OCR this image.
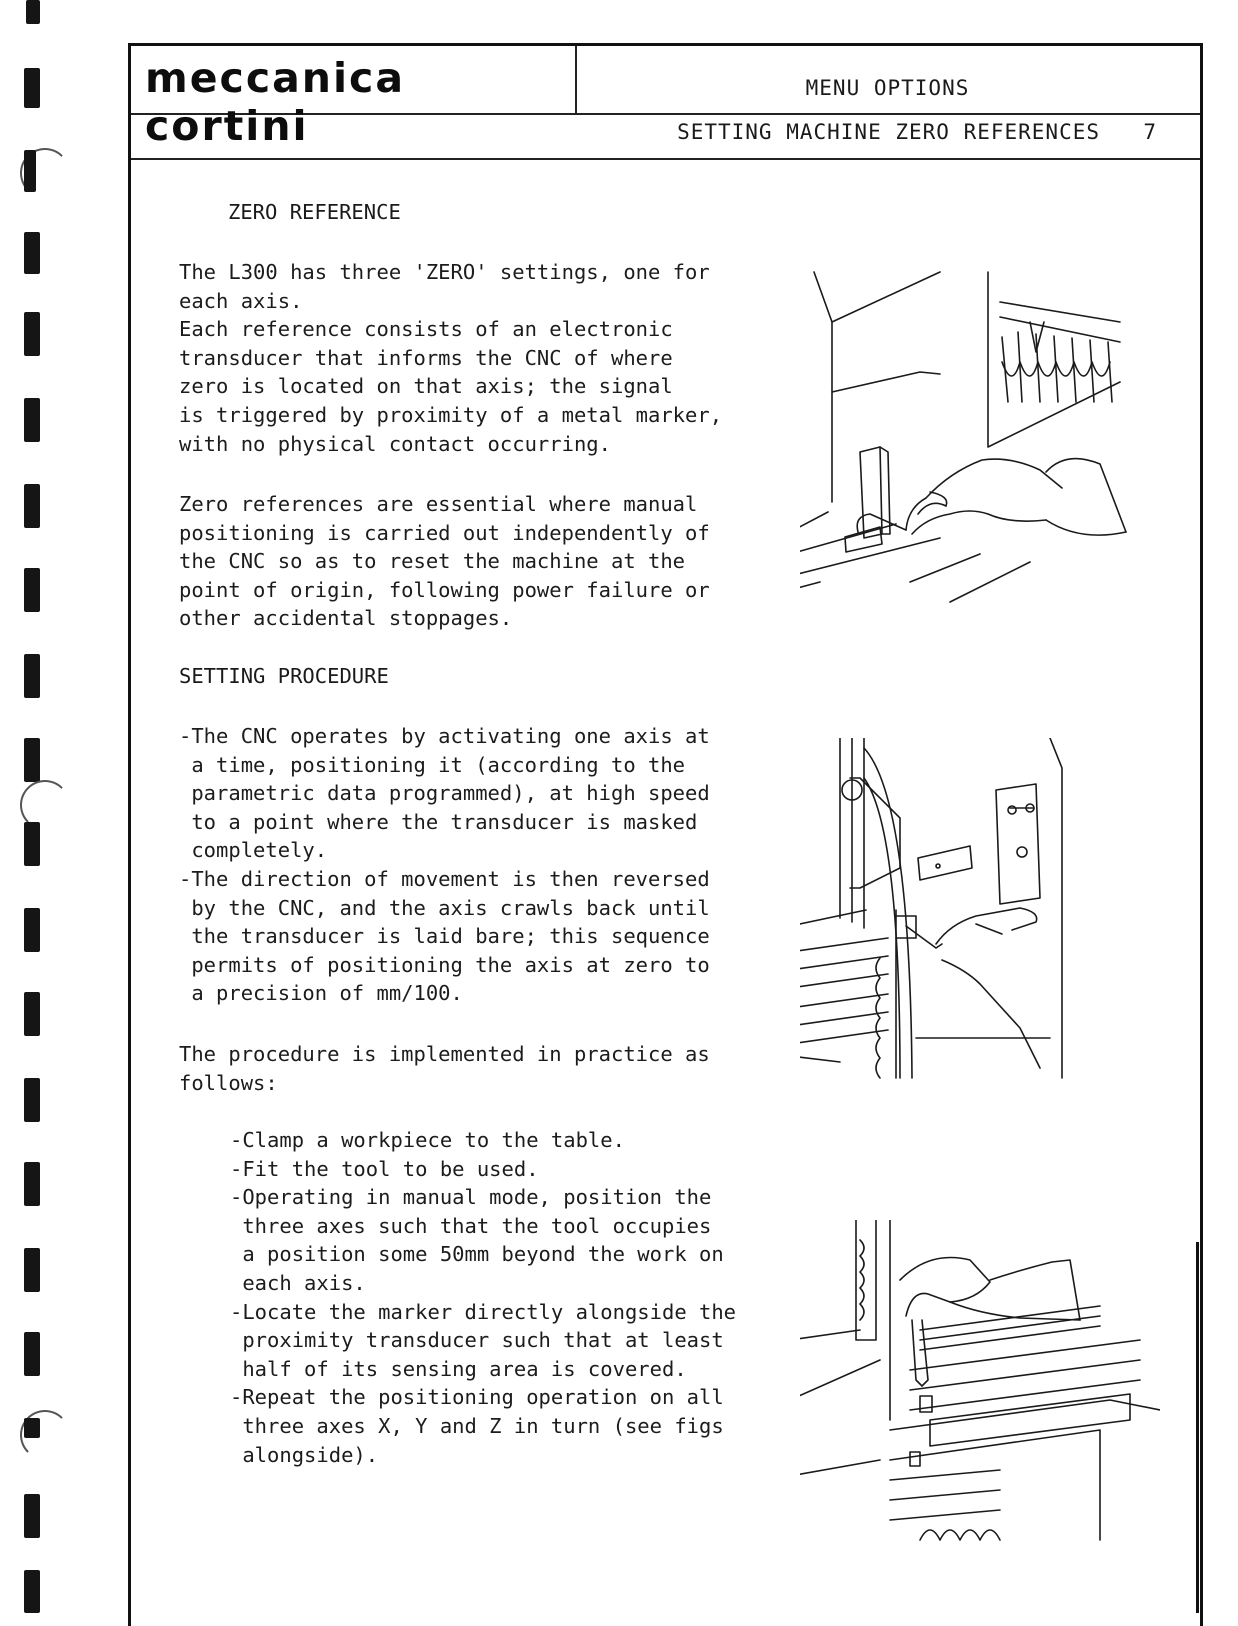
meccanica cortini
MENU OPTIONS
SETTING MACHINE ZERO REFERENCES 7
ZERO REFERENCE
The L300 has three 'ZERO' settings, one for
each axis.
Each reference consists of an electronic
transducer that informs the CNC of where
zero is located on that axis; the signal
is triggered by proximity of a metal marker,
with no physical contact occurring.
Zero references are essential where manual
positioning is carried out independently of
the CNC so as to reset the machine at the
point of origin, following power failure or
other accidental stoppages.
SETTING PROCEDURE
-The CNC operates by activating one axis at
a time, positioning it (according to the
parametric data programmed), at high speed
to a point where the transducer is masked
completely.
-The direction of movement is then reversed
by the CNC, and the axis crawls back until
the transducer is laid bare; this sequence
permits of positioning the axis at zero to
a precision of mm/100.
The procedure is implemented in practice as
follows:
-Clamp a workpiece to the table.
-Fit the tool to be used.
-Operating in manual mode, position the
three axes such that the tool occupies
a position some 50mm beyond the work on
each axis.
-Locate the marker directly alongside the
proximity transducer such that at least
half of its sensing area is covered.
-Repeat the positioning operation on all
three axes X, Y and Z in turn (see figs
alongside).
